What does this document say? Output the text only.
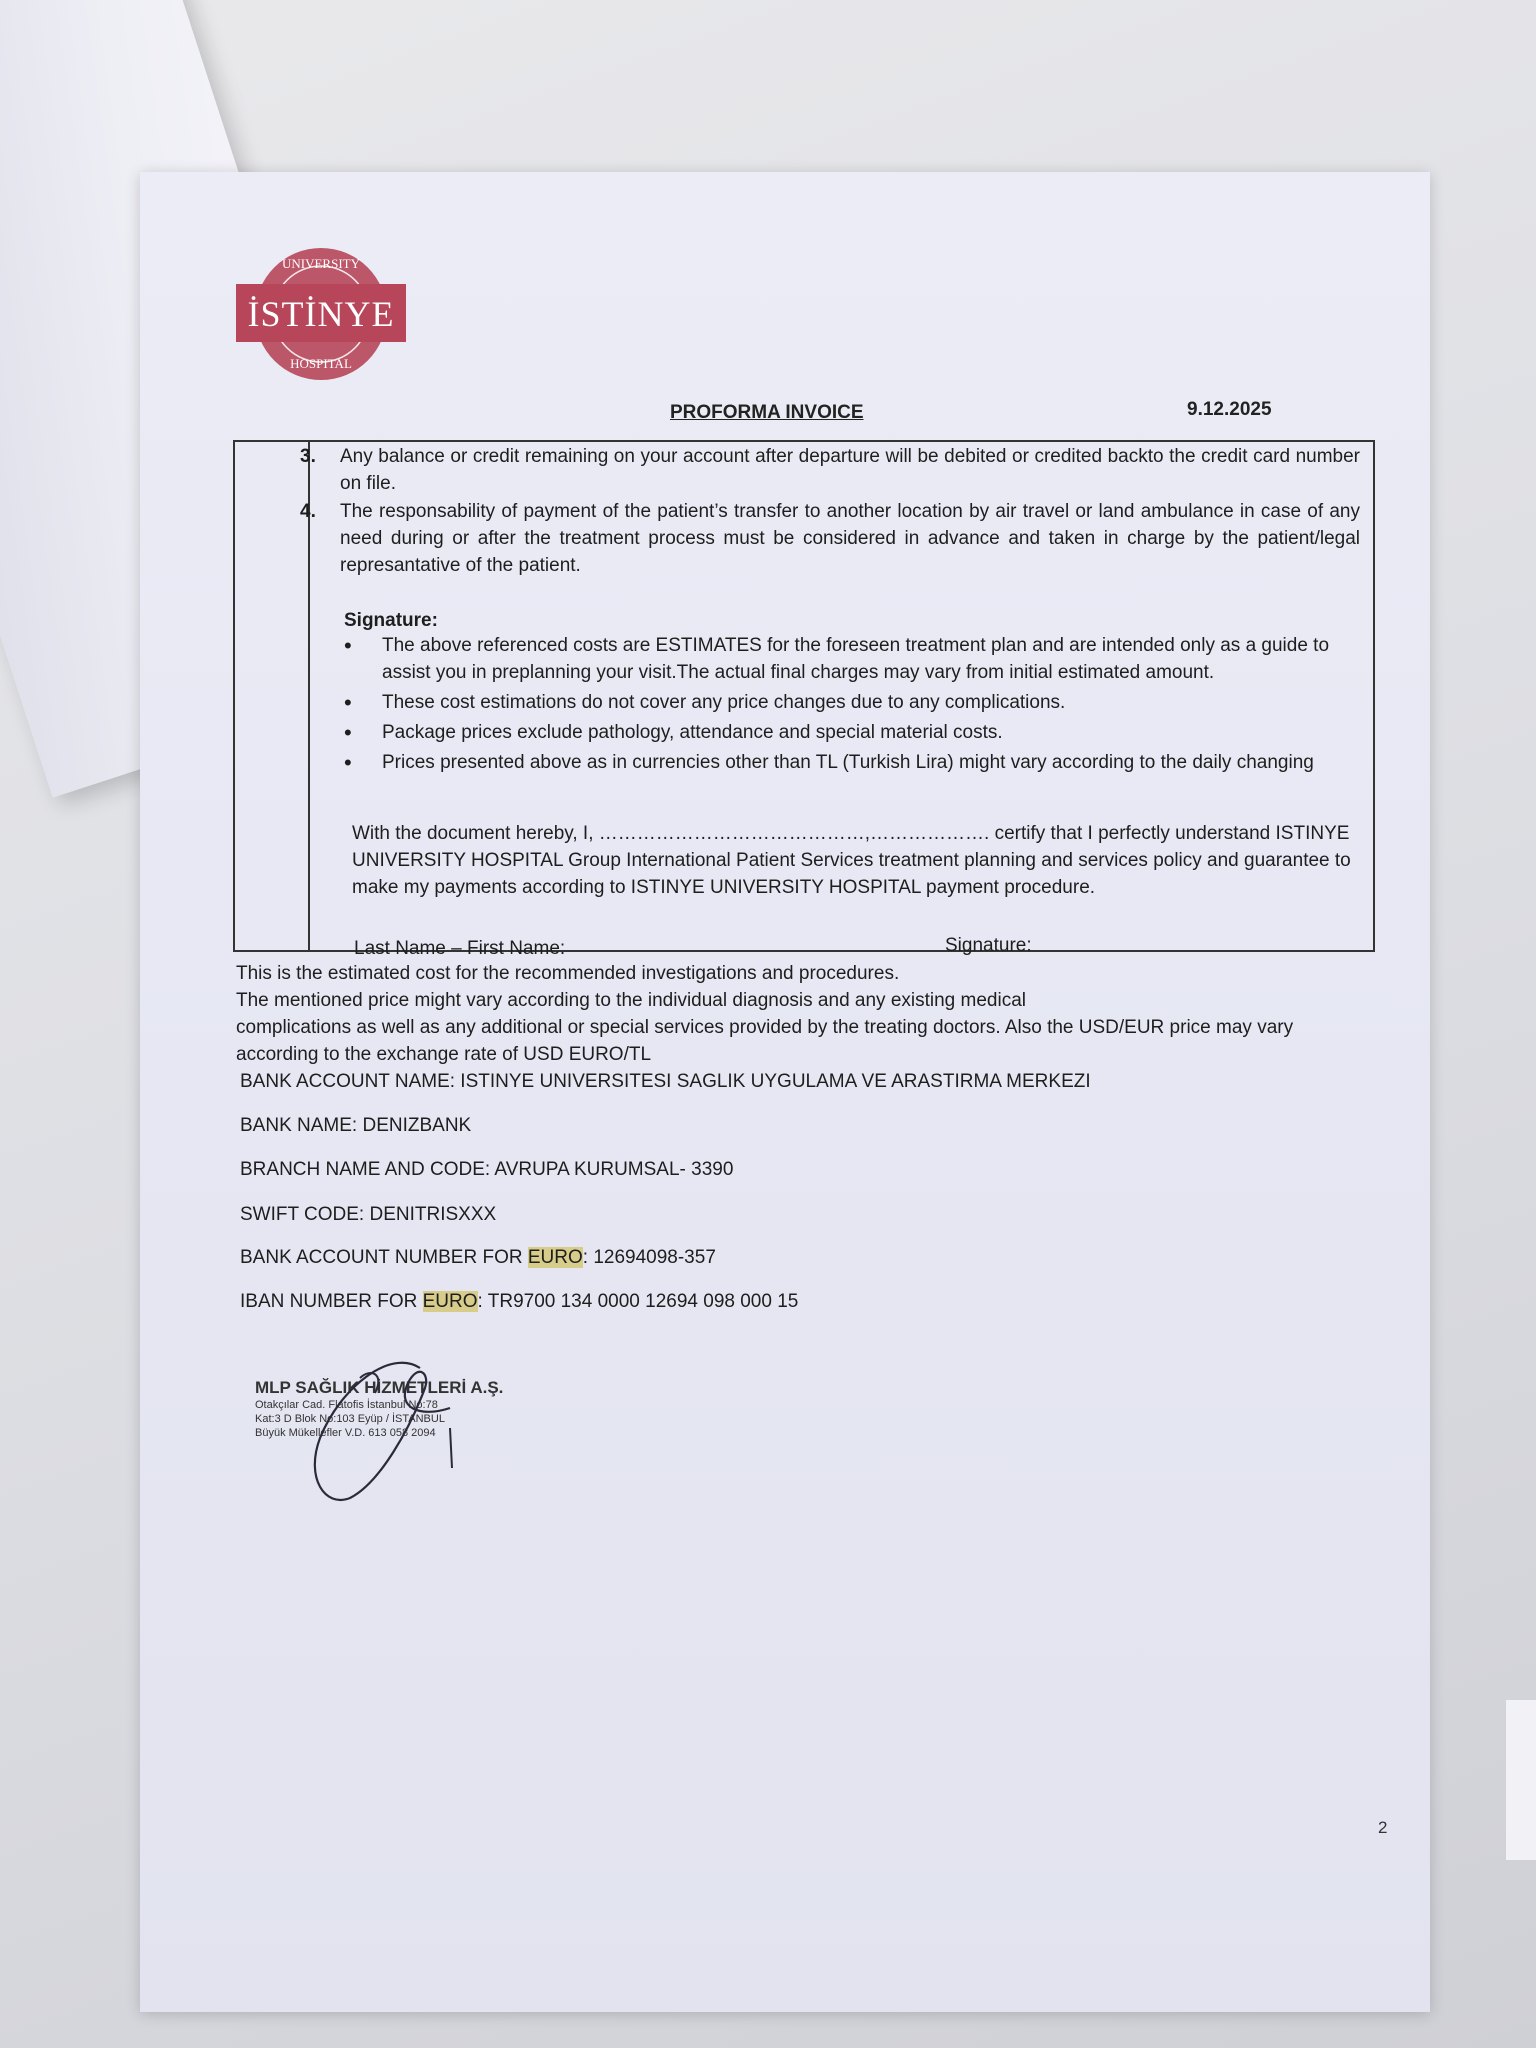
İSTİNYE
UNIVERSITY
HOSPITAL
PROFORMA INVOICE	9.12.2025
3. Any balance or credit remaining on your account after departure will be debited or credited backto the credit card number on file.
4. The responsability of payment of the patient’s transfer to another location by air travel or land ambulance in case of any need during or after the treatment process must be considered in advance and taken in charge by the patient/legal represantative of the patient.
Signature:
• The above referenced costs are ESTIMATES for the foreseen treatment plan and are intended only as a guide to assist you in preplanning your visit.The actual final charges may vary from initial estimated amount.
• These cost estimations do not cover any price changes due to any complications.
• Package prices exclude pathology, attendance and special material costs.
• Prices presented above as in currencies other than TL (Turkish Lira) might vary according to the daily changing
With the document hereby, I, ……………………………………,………………. certify that I perfectly understand ISTINYE UNIVERSITY HOSPITAL Group International Patient Services treatment planning and services policy and guarantee to make my payments according to ISTINYE UNIVERSITY HOSPITAL payment procedure.
Last Name – First Name:	Signature:
This is the estimated cost for the recommended investigations and procedures.
The mentioned price might vary according to the individual diagnosis and any existing medical
complications as well as any additional or special services provided by the treating doctors. Also the USD/EUR price may vary
according to the exchange rate of USD EURO/TL
BANK ACCOUNT NAME: ISTINYE UNIVERSITESI SAGLIK UYGULAMA VE ARASTIRMA MERKEZI
BANK NAME: DENIZBANK
BRANCH NAME AND CODE: AVRUPA KURUMSAL- 3390
SWIFT CODE: DENITRISXXX
BANK ACCOUNT NUMBER FOR EURO: 12694098-357
IBAN NUMBER FOR EURO: TR9700 134 0000 12694 098 000 15
MLP SAĞLIK HİZMETLERİ A.Ş.
Otakçılar Cad. Flatofis İstanbul No:78
Kat:3 D Blok No:103 Eyüp / İSTANBUL
Büyük Mükellefler V.D. 613 058 2094
2
